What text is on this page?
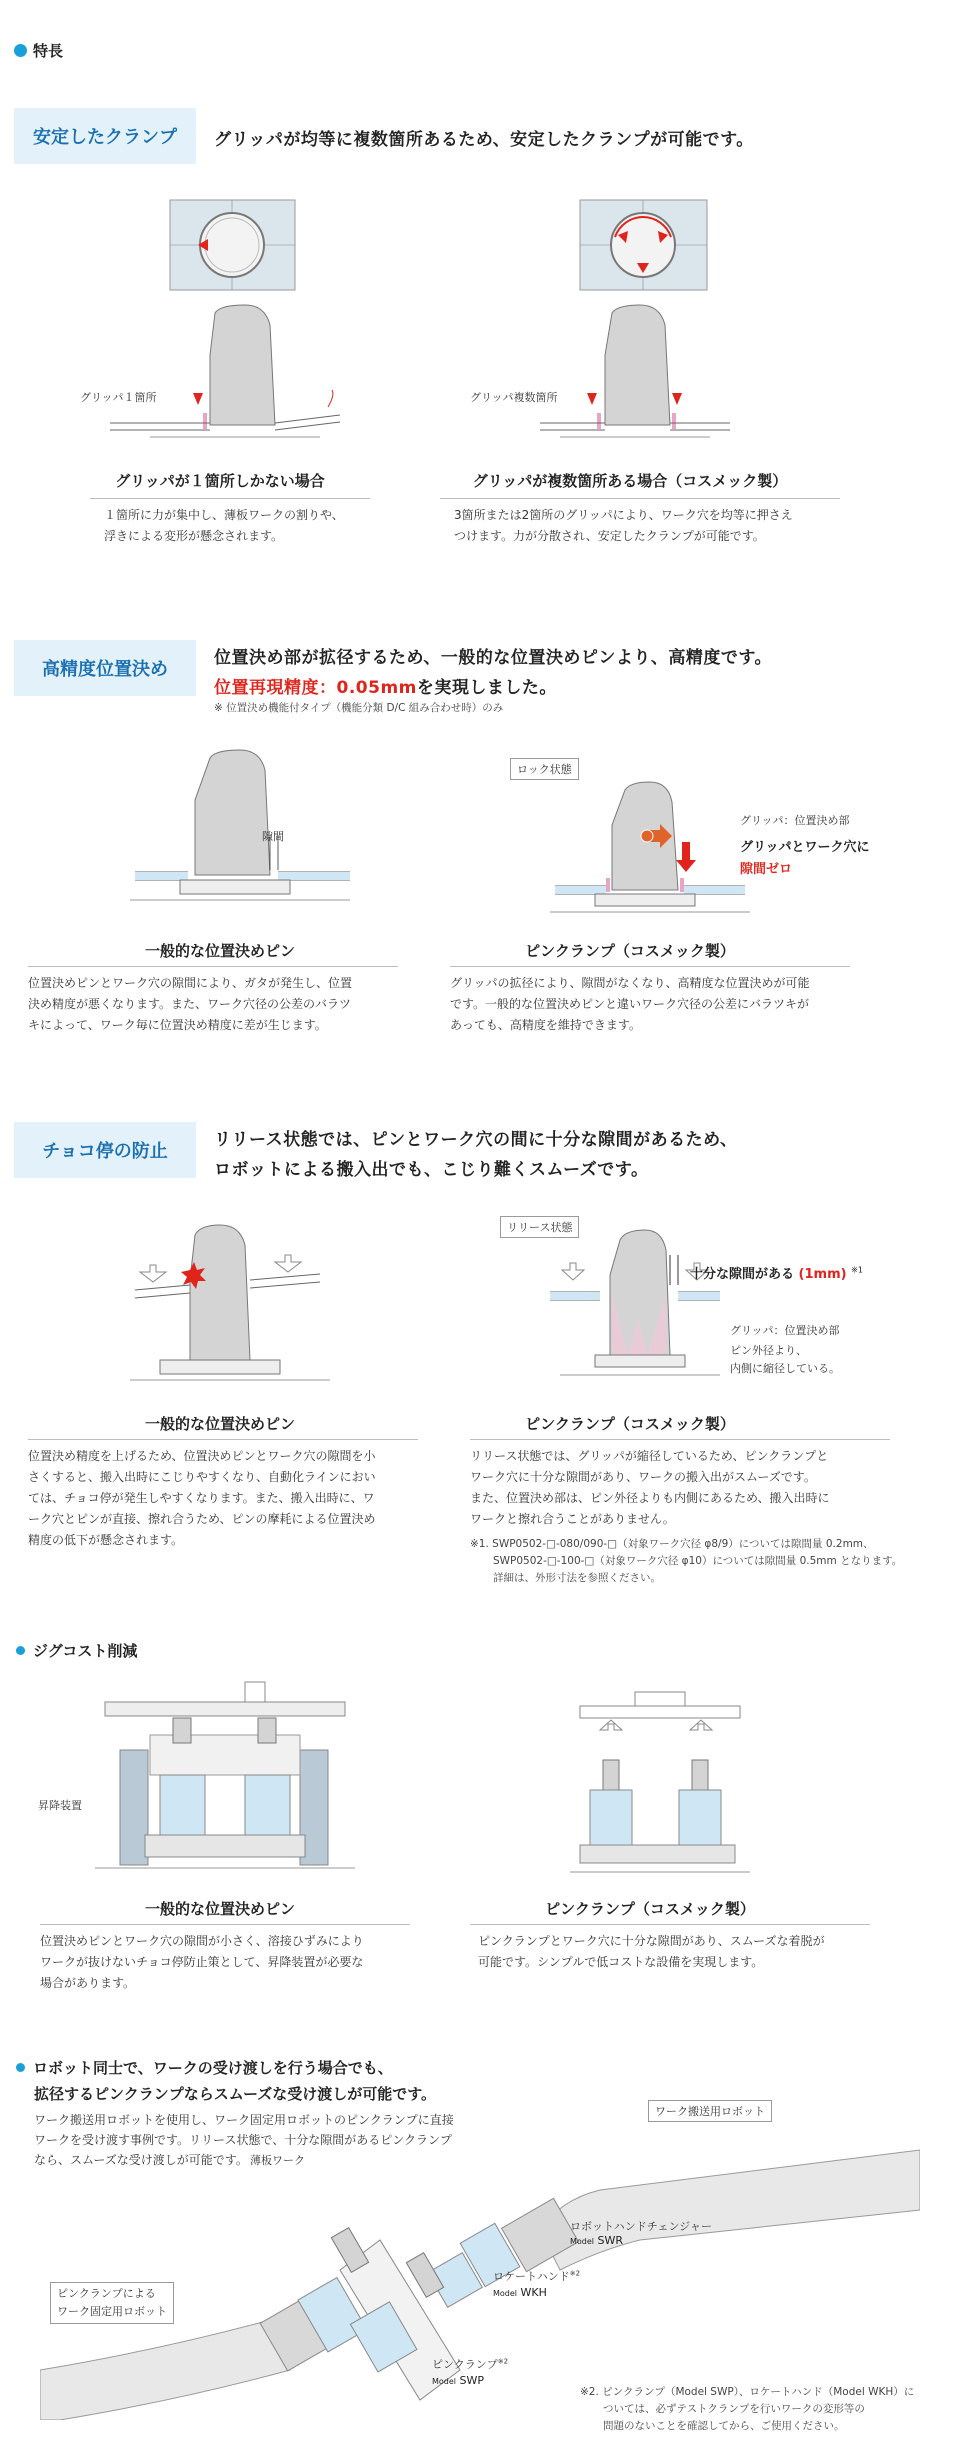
特長
安定したクランプ	グリッパが均等に複数箇所あるため、安定したクランプが可能です。
グリッパ１箇所
グリッパが１箇所しかない場合
１箇所に力が集中し、薄板ワークの割りや、
浮きによる変形が懸念されます。
グリッパ複数箇所
グリッパが複数箇所ある場合（コスメック製）
3箇所または2箇所のグリッパにより、ワーク穴を均等に押さえ
つけます。力が分散され、安定したクランプが可能です。
高精度位置決め
位置決め部が拡径するため、一般的な位置決めピンより、高精度です。
位置再現精度：0.05mmを実現しました。
※ 位置決め機能付タイプ（機能分類 D/C 組み合わせ時）のみ
隙間
一般的な位置決めピン
位置決めピンとワーク穴の隙間により、ガタが発生し、位置
決め精度が悪くなります。また、ワーク穴径の公差のバラツ
キによって、ワーク毎に位置決め精度に差が生じます。
ロック状態
グリッパ：位置決め部
グリッパとワーク穴に
隙間ゼロ
ピンクランプ（コスメック製）
グリッパの拡径により、隙間がなくなり、高精度な位置決めが可能
です。一般的な位置決めピンと違いワーク穴径の公差にバラツキが
あっても、高精度を維持できます。
チョコ停の防止
リリース状態では、ピンとワーク穴の間に十分な隙間があるため、
ロボットによる搬入出でも、こじり難くスムーズです。
一般的な位置決めピン
位置決め精度を上げるため、位置決めピンとワーク穴の隙間を小
さくすると、搬入出時にこじりやすくなり、自動化ラインにおい
ては、チョコ停が発生しやすくなります。また、搬入出時に、ワ
ーク穴とピンが直接、擦れ合うため、ピンの摩耗による位置決め
精度の低下が懸念されます。
リリース状態
十分な隙間がある (1mm) $^{※1}$
グリッパ：位置決め部
ピン外径より、
内側に縮径している。
ピンクランプ（コスメック製）
リリース状態では、グリッパが縮径しているため、ピンクランプと
ワーク穴に十分な隙間があり、ワークの搬入出がスムーズです。
また、位置決め部は、ピン外径よりも内側にあるため、搬入出時に
ワークと擦れ合うことがありません。
※1. SWP0502-□-080/090-□（対象ワーク穴径 φ8/9）については隙間量 0.2mm、
SWP0502-□-100-□（対象ワーク穴径 φ10）については隙間量 0.5mm となります。
詳細は、外形寸法を参照ください。
ジグコスト削減
昇降装置
一般的な位置決めピン
位置決めピンとワーク穴の隙間が小さく、溶接ひずみにより
ワークが抜けないチョコ停防止策として、昇降装置が必要な
場合があります。
ピンクランプ（コスメック製）
ピンクランプとワーク穴に十分な隙間があり、スムーズな着脱が
可能です。シンプルで低コストな設備を実現します。
ロボット同士で、ワークの受け渡しを行う場合でも、
拡径するピンクランプならスムーズな受け渡しが可能です。
ワーク搬送用ロボットを使用し、ワーク固定用ロボットのピンクランプに直接
ワークを受け渡す事例です。リリース状態で、十分な隙間があるピンクランプ
なら、スムーズな受け渡しが可能です。
ワーク搬送用ロボット
薄板ワーク
ロボットハンドチェンジャー
Model SWR
ロケートハンド$^{※2}$
Model WKH
ピンクランプによる
ワーク固定用ロボット
ピンクランプ$^{※2}$
Model SWP
※2. ピンクランプ（Model SWP）、ロケートハンド（Model WKH）に
ついては、必ずテストクランプを行いワークの変形等の
問題のないことを確認してから、ご使用ください。
